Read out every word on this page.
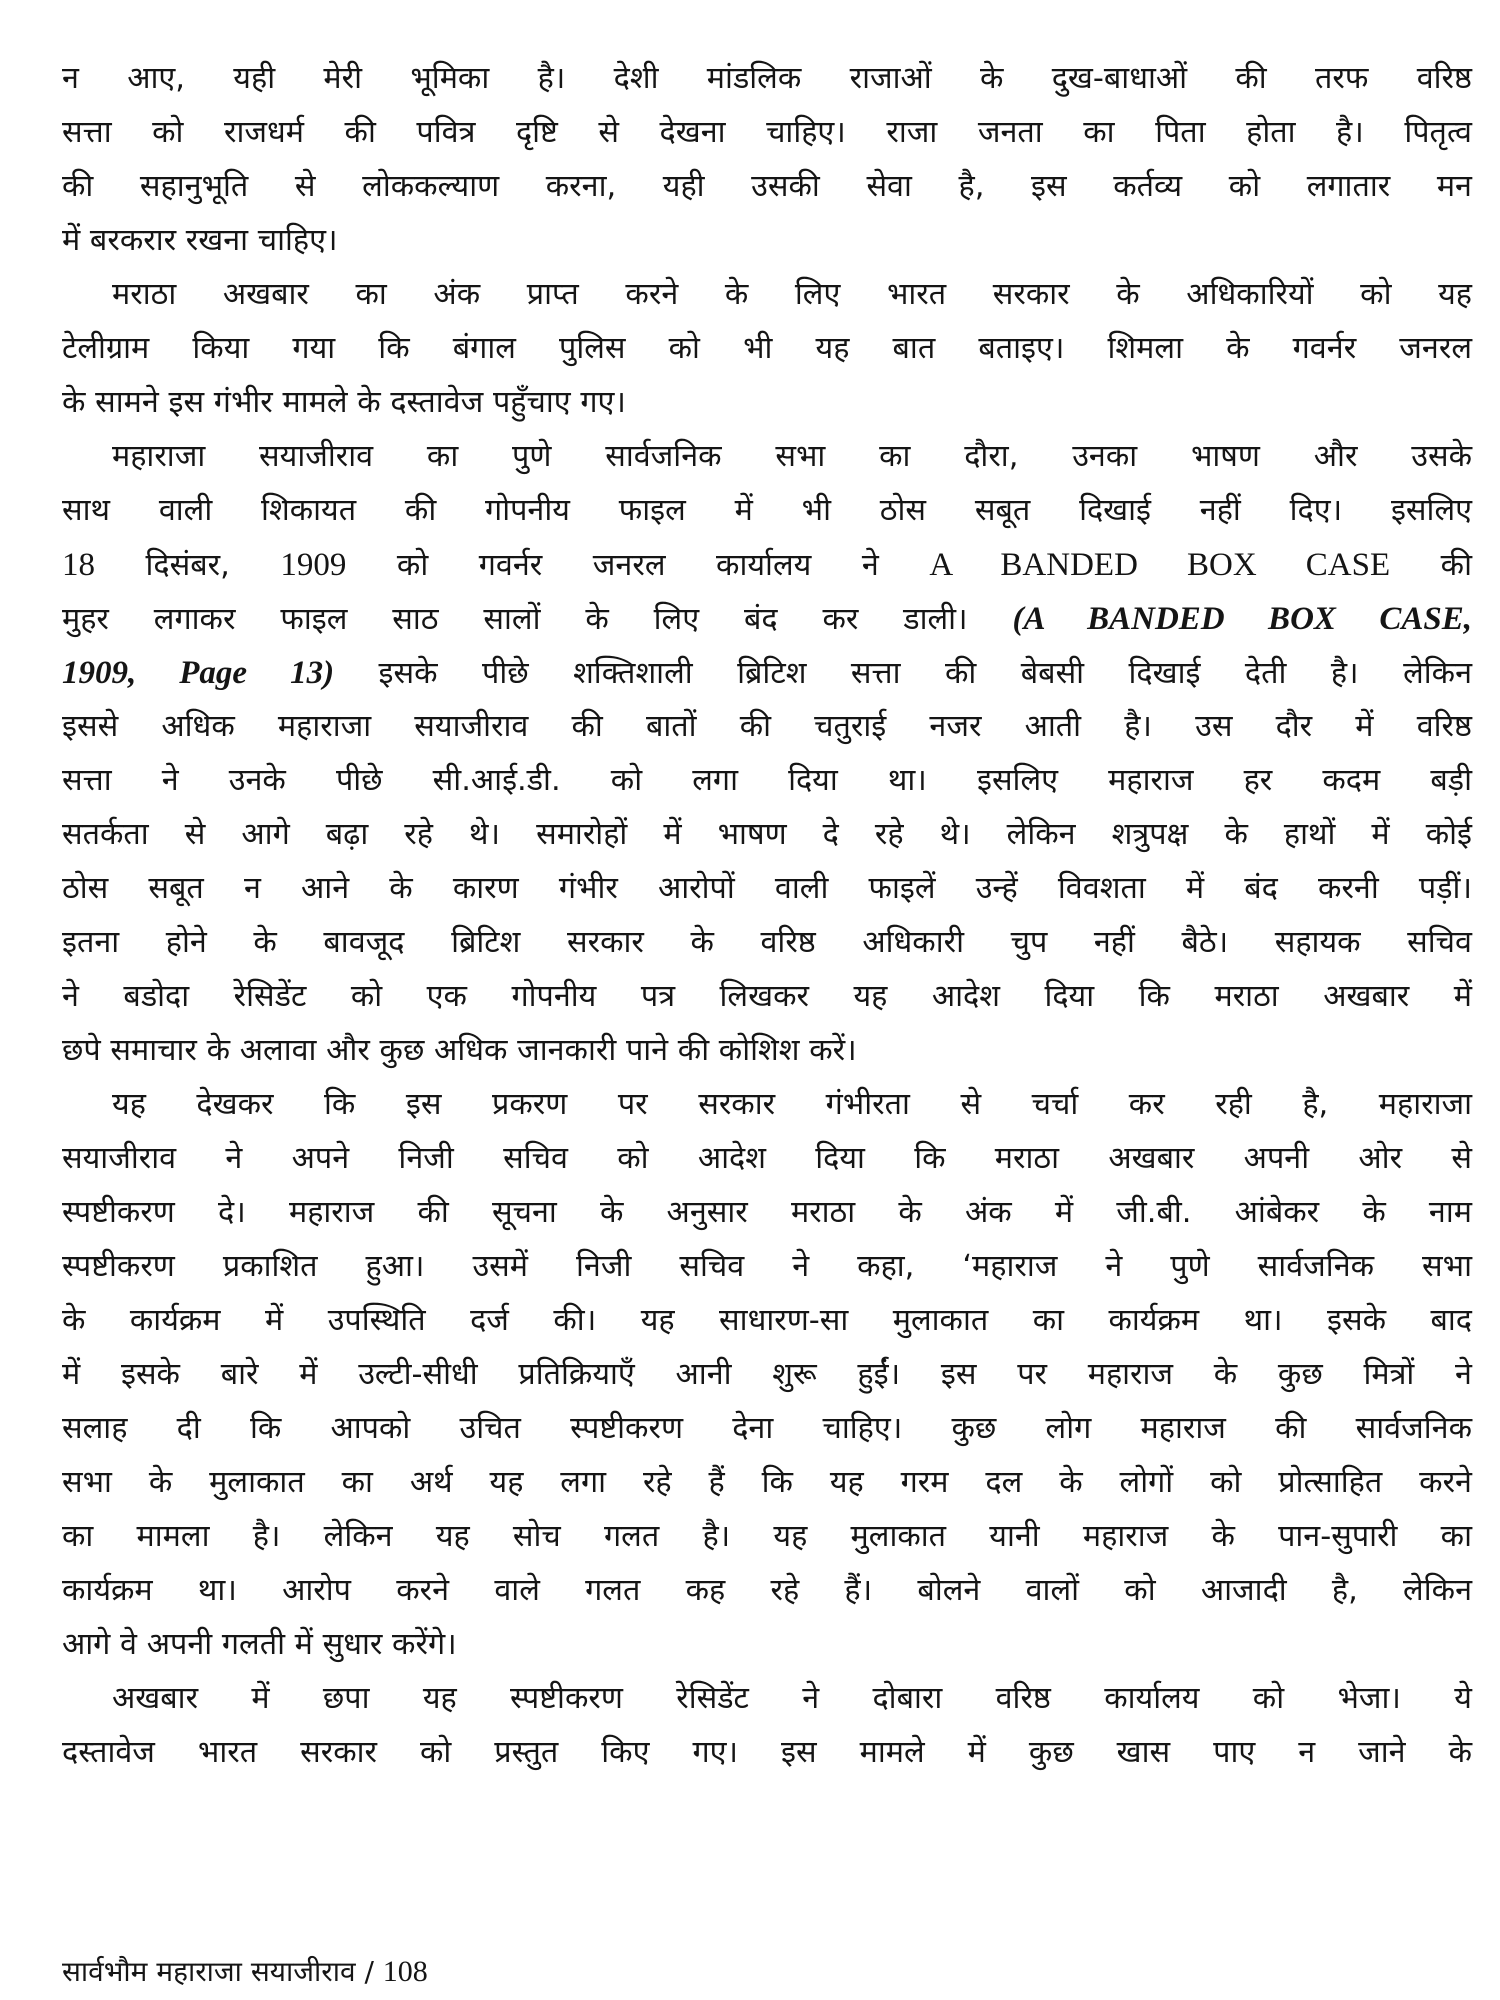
न आए, यही मेरी भूमिका है। देशी मांडलिक राजाओं के दुख-बाधाओं की तरफ वरिष्ठ
सत्ता को राजधर्म की पवित्र दृष्टि से देखना चाहिए। राजा जनता का पिता होता है। पितृत्व
की सहानुभूति से लोककल्याण करना, यही उसकी सेवा है, इस कर्तव्य को लगातार मन
में बरकरार रखना चाहिए।
मराठा अखबार का अंक प्राप्त करने के लिए भारत सरकार के अधिकारियों को यह
टेलीग्राम किया गया कि बंगाल पुलिस को भी यह बात बताइए। शिमला के गवर्नर जनरल
के सामने इस गंभीर मामले के दस्तावेज पहुँचाए गए।
महाराजा सयाजीराव का पुणे सार्वजनिक सभा का दौरा, उनका भाषण और उसके
साथ वाली शिकायत की गोपनीय फाइल में भी ठोस सबूत दिखाई नहीं दिए। इसलिए
18 दिसंबर, 1909 को गवर्नर जनरल कार्यालय ने A BANDED BOX CASE की
मुहर लगाकर फाइल साठ सालों के लिए बंद कर डाली। (A BANDED BOX CASE,
1909, Page 13) इसके पीछे शक्तिशाली ब्रिटिश सत्ता की बेबसी दिखाई देती है। लेकिन
इससे अधिक महाराजा सयाजीराव की बातों की चतुराई नजर आती है। उस दौर में वरिष्ठ
सत्ता ने उनके पीछे सी.आई.डी. को लगा दिया था। इसलिए महाराज हर कदम बड़ी
सतर्कता से आगे बढ़ा रहे थे। समारोहों में भाषण दे रहे थे। लेकिन शत्रुपक्ष के हाथों में कोई
ठोस सबूत न आने के कारण गंभीर आरोपों वाली फाइलें उन्हें विवशता में बंद करनी पड़ीं।
इतना होने के बावजूद ब्रिटिश सरकार के वरिष्ठ अधिकारी चुप नहीं बैठे। सहायक सचिव
ने बडोदा रेसिडेंट को एक गोपनीय पत्र लिखकर यह आदेश दिया कि मराठा अखबार में
छपे समाचार के अलावा और कुछ अधिक जानकारी पाने की कोशिश करें।
यह देखकर कि इस प्रकरण पर सरकार गंभीरता से चर्चा कर रही है, महाराजा
सयाजीराव ने अपने निजी सचिव को आदेश दिया कि मराठा अखबार अपनी ओर से
स्पष्टीकरण दे। महाराज की सूचना के अनुसार मराठा के अंक में जी.बी. आंबेकर के नाम
स्पष्टीकरण प्रकाशित हुआ। उसमें निजी सचिव ने कहा, ‘महाराज ने पुणे सार्वजनिक सभा
के कार्यक्रम में उपस्थिति दर्ज की। यह साधारण-सा मुलाकात का कार्यक्रम था। इसके बाद
में इसके बारे में उल्टी-सीधी प्रतिक्रियाएँ आनी शुरू हुईं। इस पर महाराज के कुछ मित्रों ने
सलाह दी कि आपको उचित स्पष्टीकरण देना चाहिए। कुछ लोग महाराज की सार्वजनिक
सभा के मुलाकात का अर्थ यह लगा रहे हैं कि यह गरम दल के लोगों को प्रोत्साहित करने
का मामला है। लेकिन यह सोच गलत है। यह मुलाकात यानी महाराज के पान-सुपारी का
कार्यक्रम था। आरोप करने वाले गलत कह रहे हैं। बोलने वालों को आजादी है, लेकिन
आगे वे अपनी गलती में सुधार करेंगे।
अखबार में छपा यह स्पष्टीकरण रेसिडेंट ने दोबारा वरिष्ठ कार्यालय को भेजा। ये
दस्तावेज भारत सरकार को प्रस्तुत किए गए। इस मामले में कुछ खास पाए न जाने के
सार्वभौम महाराजा सयाजीराव / 108
